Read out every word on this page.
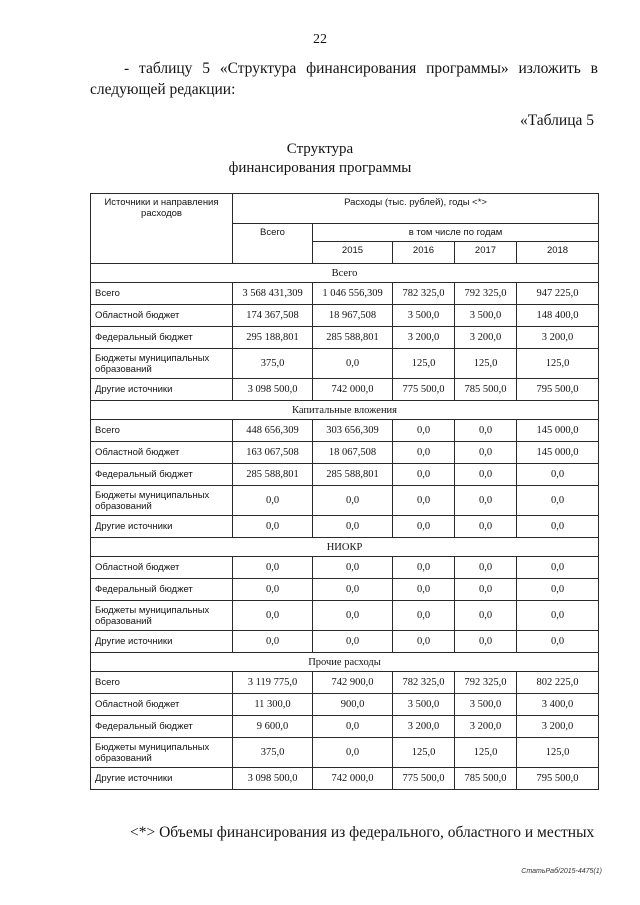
22
- таблицу 5 «Структура финансирования программы» изложить в следующей редакции:
«Таблица 5
Структура
финансирования программы
Источники и направления расходов	Расходы (тыс. рублей), годы <*>				
	Всего	в том числе по годам			
		2015	2016	2017	2018
Всего					
Всего	3 568 431,309	1 046 556,309	782 325,0	792 325,0	947 225,0
Областной бюджет	174 367,508	18 967,508	3 500,0	3 500,0	148 400,0
Федеральный бюджет	295 188,801	285 588,801	3 200,0	3 200,0	3 200,0
Бюджеты муниципальных образований	375,0	0,0	125,0	125,0	125,0
Другие источники	3 098 500,0	742 000,0	775 500,0	785 500,0	795 500,0
Капитальные вложения					
Всего	448 656,309	303 656,309	0,0	0,0	145 000,0
Областной бюджет	163 067,508	18 067,508	0,0	0,0	145 000,0
Федеральный бюджет	285 588,801	285 588,801	0,0	0,0	0,0
Бюджеты муниципальных образований	0,0	0,0	0,0	0,0	0,0
Другие источники	0,0	0,0	0,0	0,0	0,0
НИОКР					
Областной бюджет	0,0	0,0	0,0	0,0	0,0
Федеральный бюджет	0,0	0,0	0,0	0,0	0,0
Бюджеты муниципальных образований	0,0	0,0	0,0	0,0	0,0
Другие источники	0,0	0,0	0,0	0,0	0,0
Прочие расходы					
Всего	3 119 775,0	742 900,0	782 325,0	792 325,0	802 225,0
Областной бюджет	11 300,0	900,0	3 500,0	3 500,0	3 400,0
Федеральный бюджет	9 600,0	0,0	3 200,0	3 200,0	3 200,0
Бюджеты муниципальных образований	375,0	0,0	125,0	125,0	125,0
Другие источники	3 098 500,0	742 000,0	775 500,0	785 500,0	795 500,0
<*> Объемы финансирования из федерального, областного и местных
СтатьРаб/2015-4475(1)
